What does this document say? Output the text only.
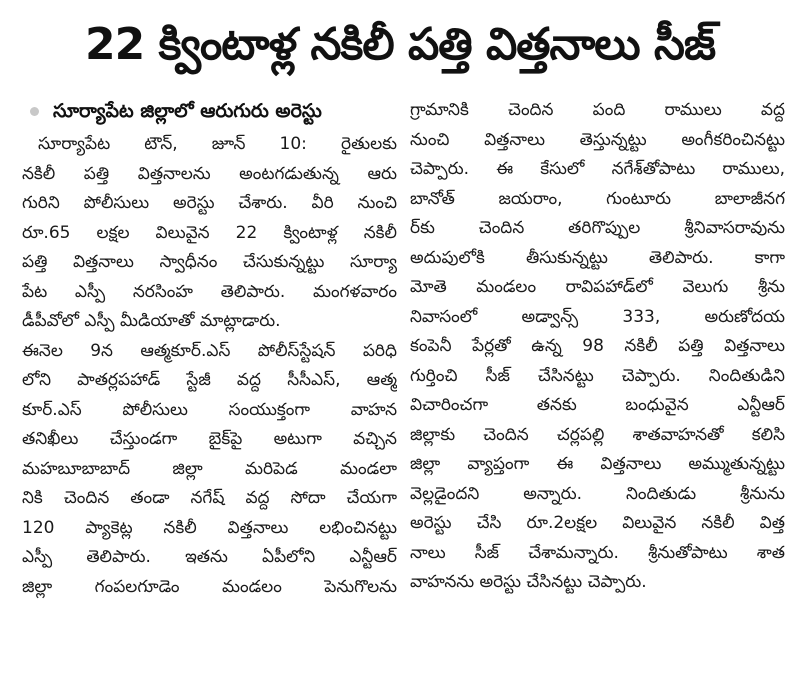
22 క్వింటాళ్ల నకిలీ పత్తి విత్తనాలు సీజ్
సూర్యాపేట జిల్లాలో ఆరుగురు అరెస్టు
సూర్యాపేట టౌన్‌, జూన్‌ 10: రైతులకు
నకిలీ పత్తి విత్తనాలను అంటగడుతున్న ఆరు
గురిని పోలీసులు అరెస్టు చేశారు. వీరి నుంచి
రూ.65 లక్షల విలువైన 22 క్వింటాళ్ల నకిలీ
పత్తి విత్తనాలు స్వాధీనం చేసుకున్నట్టు సూర్యా
పేట ఎస్పీ నరసింహ తెలిపారు. మంగళవారం
డీపీవోలో ఎస్పీ మీడియాతో మాట్లాడారు.
ఈనెల 9న ఆత్మకూర్‌.ఎస్‌ పోలీస్‌స్టేషన్‌ పరిధి
లోని పాతర్లపహాడ్‌ స్టేజీ వద్ద సీసీఎస్‌, ఆత్మ
కూర్‌.ఎస్‌ పోలీసులు సంయుక్తంగా వాహన
తనిఖీలు చేస్తుండగా బైక్‌పై అటుగా వచ్చిన
మహబూబాబాద్‌ జిల్లా మరిపెడ మండలా
నికి చెందిన తండా నగేష్‌ వద్ద సోదా చేయగా
120 ప్యాకెట్ల నకిలీ విత్తనాలు లభించినట్టు
ఎస్పీ తెలిపారు. ఇతను ఏపీలోని ఎన్టీఆర్‌
జిల్లా గంపలగూడెం మండలం పెనుగొలను
గ్రామానికి చెందిన పంది రాములు వద్ద
నుంచి విత్తనాలు తెస్తున్నట్టు అంగీకరించినట్టు
చెప్పారు. ఈ కేసులో నగేశ్‌తోపాటు రాములు,
బానోత్‌ జయరాం, గుంటూరు బాలాజీనగ
ర్‌కు చెందిన తరిగొప్పుల శ్రీనివాసరావును
అదుపులోకి తీసుకున్నట్టు తెలిపారు. కాగా
మోతె మండలం రావిపహాడ్‌లో వెలుగు శ్రీను
నివాసంలో అడ్వాన్స్‌ 333, అరుణోదయ
కంపెనీ పేర్లతో ఉన్న 98 నకిలీ పత్తి విత్తనాలు
గుర్తించి సీజ్‌ చేసినట్టు చెప్పారు. నిందితుడిని
విచారించగా తనకు బంధువైన ఎన్టీఆర్‌
జిల్లాకు చెందిన చర్లపల్లి శాతవాహనతో కలిసి
జిల్లా వ్యాప్తంగా ఈ విత్తనాలు అమ్ముతున్నట్టు
వెల్లడైందని అన్నారు. నిందితుడు శ్రీనును
అరెస్టు చేసి రూ.2లక్షల విలువైన నకిలీ విత్త
నాలు సీజ్‌ చేశామన్నారు. శ్రీనుతోపాటు శాత
వాహనను అరెస్టు చేసినట్టు చెప్పారు.
